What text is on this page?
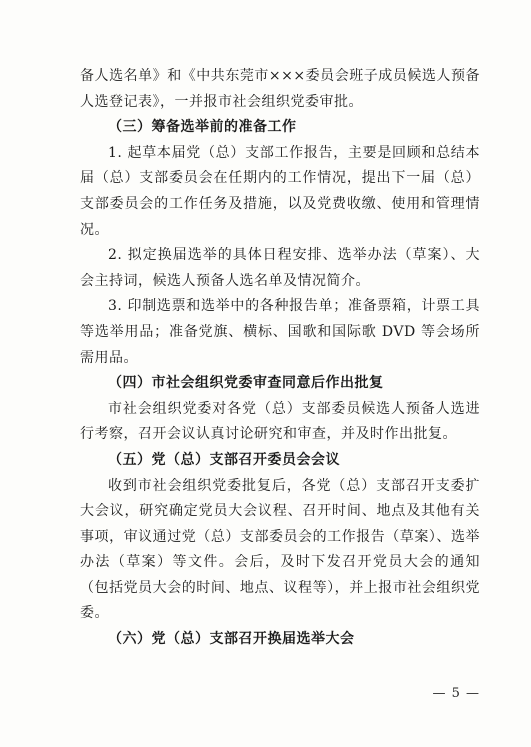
备人选名单》和《中共东莞市×××委员会班子成员候选人预备人选登记表》，一并报市社会组织党委审批。

（三）筹备选举前的准备工作

1. 起草本届党（总）支部工作报告，主要是回顾和总结本届（总）支部委员会在任期内的工作情况，提出下一届（总）支部委员会的工作任务及措施，以及党费收缴、使用和管理情况。

2. 拟定换届选举的具体日程安排、选举办法（草案）、大会主持词，候选人预备人选名单及情况简介。

3. 印制选票和选举中的各种报告单；准备票箱，计票工具等选举用品；准备党旗、横标、国歌和国际歌 DVD 等会场所需用品。

（四）市社会组织党委审查同意后作出批复

市社会组织党委对各党（总）支部委员候选人预备人选进行考察，召开会议认真讨论研究和审查，并及时作出批复。

（五）党（总）支部召开委员会会议

收到市社会组织党委批复后，各党（总）支部召开支委扩大会议，研究确定党员大会议程、召开时间、地点及其他有关事项，审议通过党（总）支部委员会的工作报告（草案）、选举办法（草案）等文件。会后，及时下发召开党员大会的通知（包括党员大会的时间、地点、议程等），并上报市社会组织党委。

（六）党（总）支部召开换届选举大会

— 5 —
